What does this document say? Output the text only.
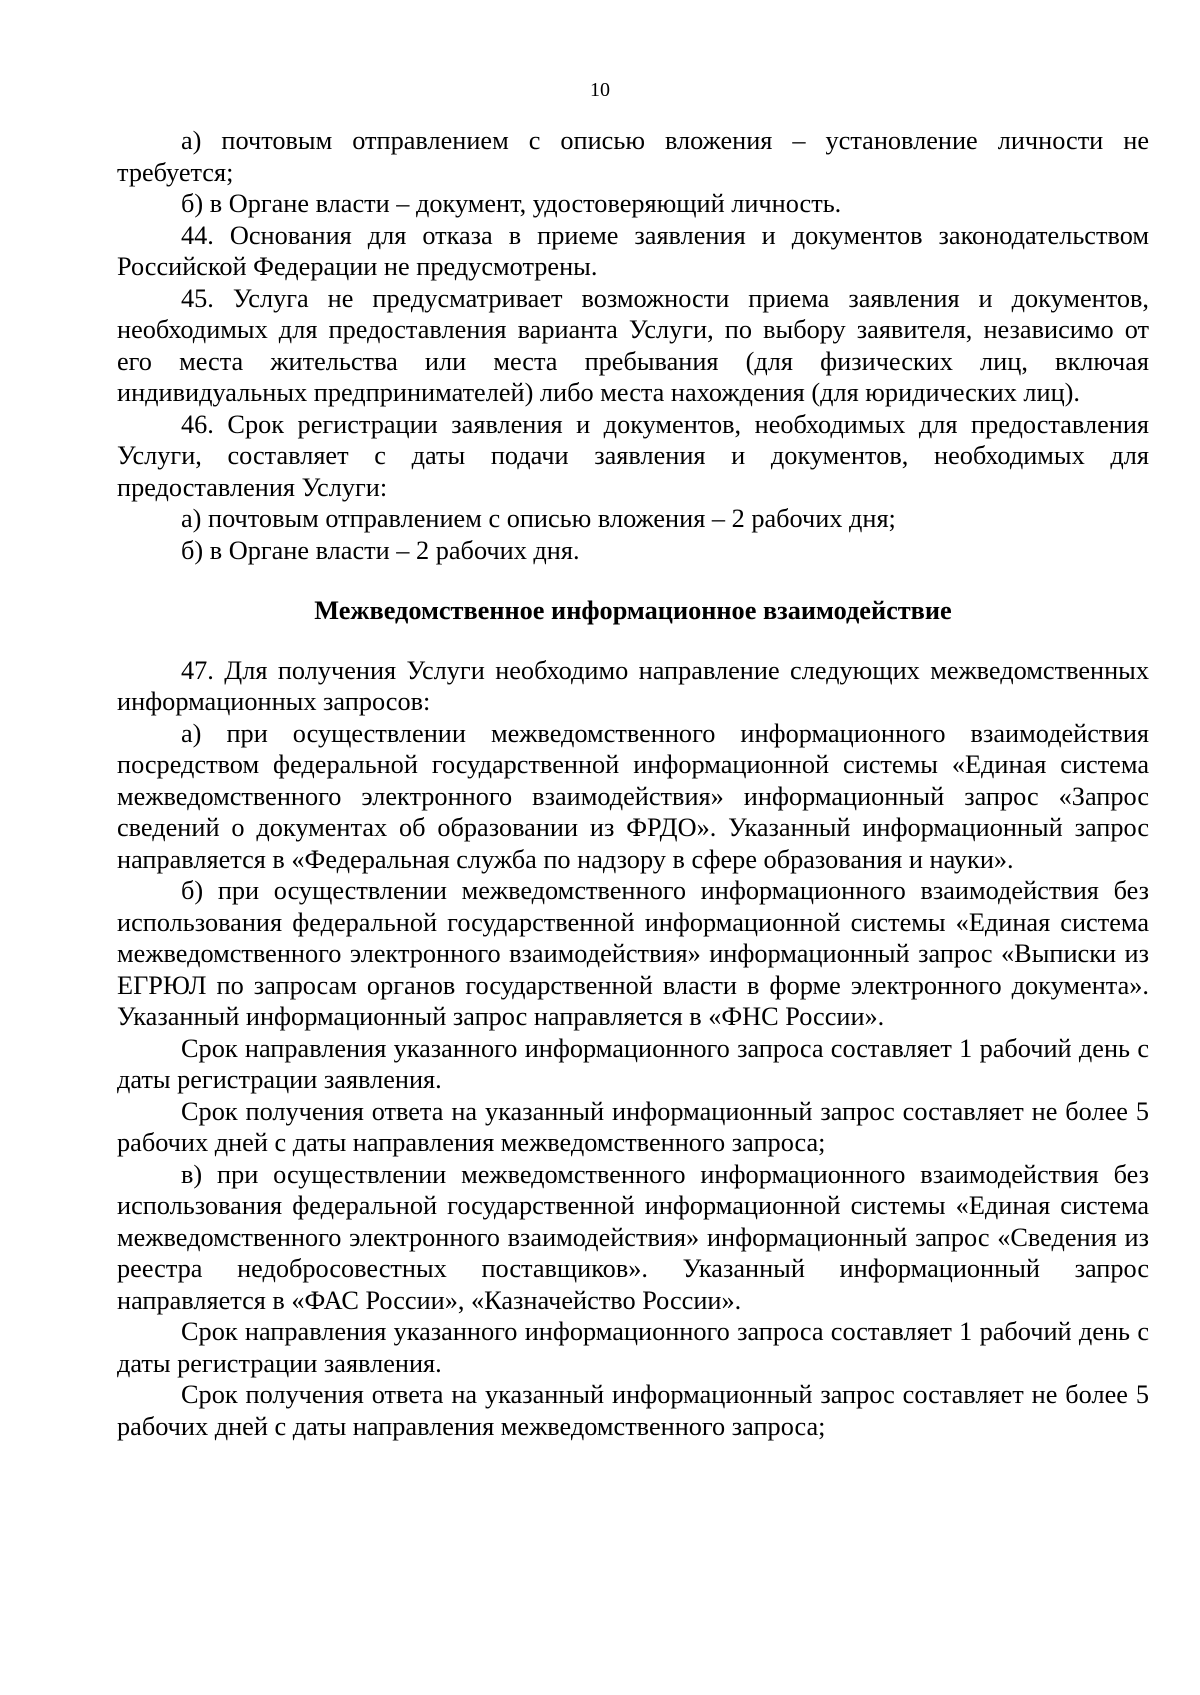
10

а) почтовым отправлением с описью вложения – установление личности не требуется;

б) в Органе власти – документ, удостоверяющий личность.

44. Основания для отказа в приеме заявления и документов законодательством Российской Федерации не предусмотрены.

45. Услуга не предусматривает возможности приема заявления и документов, необходимых для предоставления варианта Услуги, по выбору заявителя, независимо от его места жительства или места пребывания (для физических лиц, включая индивидуальных предпринимателей) либо места нахождения (для юридических лиц).

46. Срок регистрации заявления и документов, необходимых для предоставления Услуги, составляет с даты подачи заявления и документов, необходимых для предоставления Услуги:

а) почтовым отправлением с описью вложения – 2 рабочих дня;

б) в Органе власти – 2 рабочих дня.

Межведомственное информационное взаимодействие

47. Для получения Услуги необходимо направление следующих межведомственных информационных запросов:

а) при осуществлении межведомственного информационного взаимодействия посредством федеральной государственной информационной системы «Единая система межведомственного электронного взаимодействия» информационный запрос «Запрос сведений о документах об образовании из ФРДО». Указанный информационный запрос направляется в «Федеральная служба по надзору в сфере образования и науки».

б) при осуществлении межведомственного информационного взаимодействия без использования федеральной государственной информационной системы «Единая система межведомственного электронного взаимодействия» информационный запрос «Выписки из ЕГРЮЛ по запросам органов государственной власти в форме электронного документа». Указанный информационный запрос направляется в «ФНС России».

Срок направления указанного информационного запроса составляет 1 рабочий день с даты регистрации заявления.

Срок получения ответа на указанный информационный запрос составляет не более 5 рабочих дней с даты направления межведомственного запроса;

в) при осуществлении межведомственного информационного взаимодействия без использования федеральной государственной информационной системы «Единая система межведомственного электронного взаимодействия» информационный запрос «Сведения из реестра недобросовестных поставщиков». Указанный информационный запрос направляется в «ФАС России», «Казначейство России».

Срок направления указанного информационного запроса составляет 1 рабочий день с даты регистрации заявления.

Срок получения ответа на указанный информационный запрос составляет не более 5 рабочих дней с даты направления межведомственного запроса;
